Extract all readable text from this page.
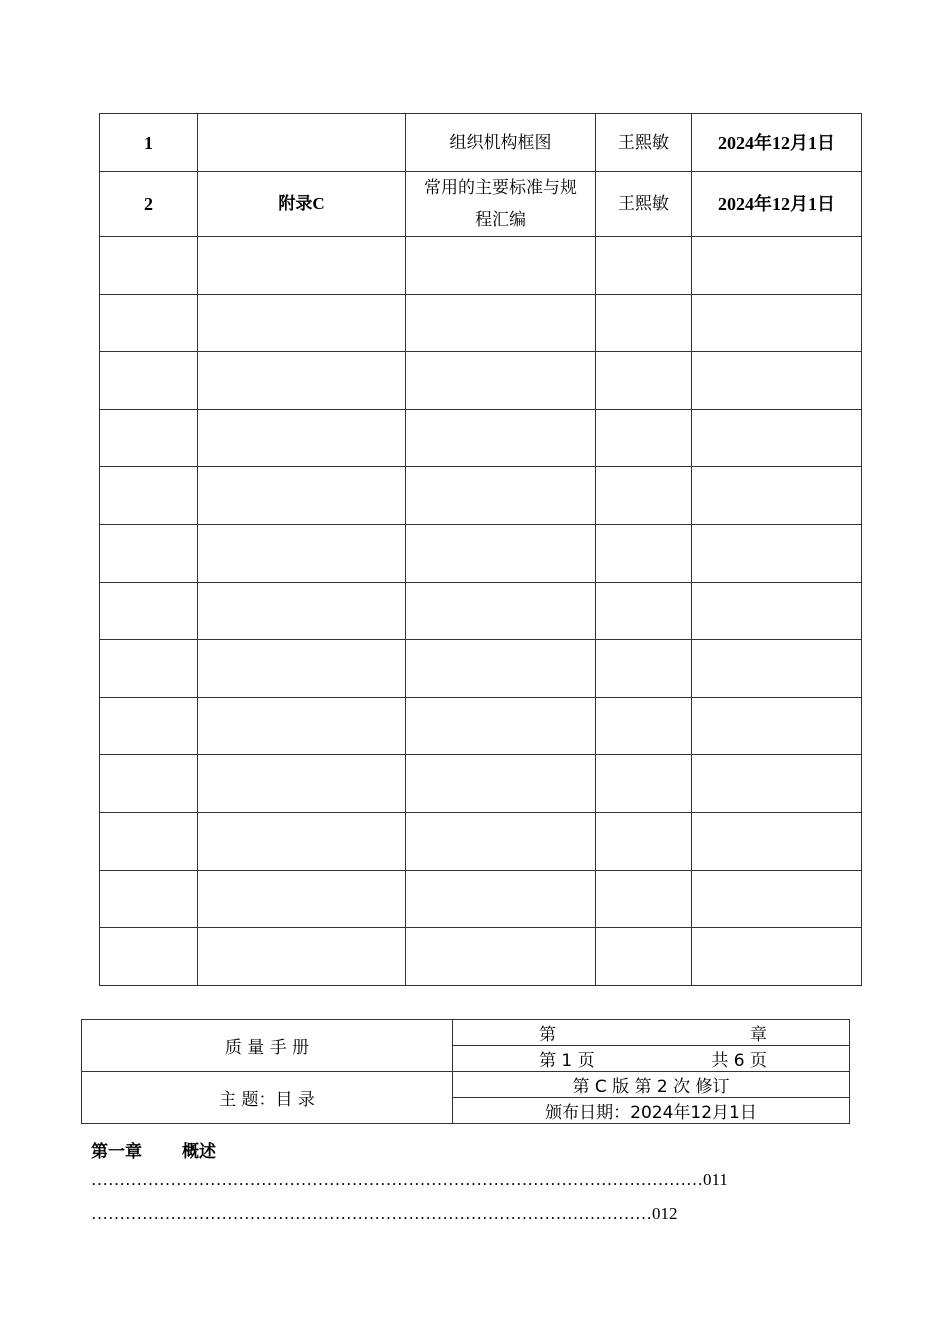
1		组织机构框图	王熙敏	2024年12月1日
2	附录C	常用的主要标准与规程汇编	王熙敏	2024年12月1日

质 量 手 册	第 章

	第 1 页 共 6 页

主 题：目 录	第 C 版 第 2 次 修订
	颁布日期：2024年12月1日
第一章 概述
………………………………………………………………………………………………011
………………………………………………………………………………………012
